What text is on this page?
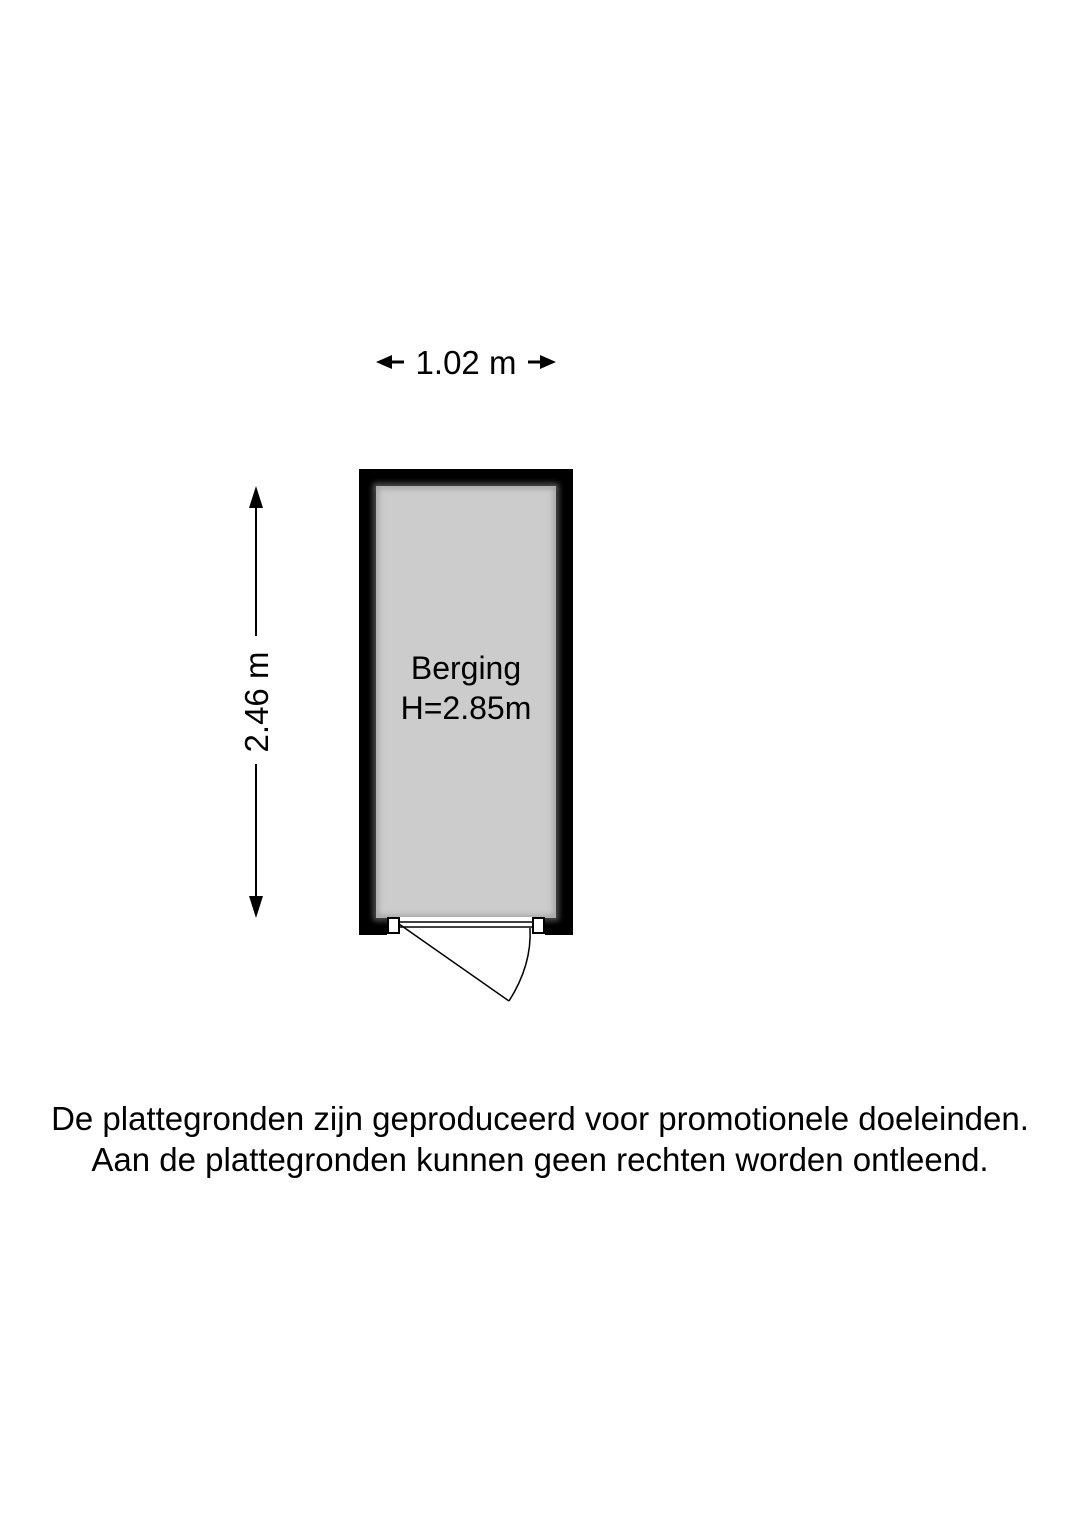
1.02 m
2.46 m	Berging
H=2.85m
De plattegronden zijn geproduceerd voor promotionele doeleinden.
Aan de plattegronden kunnen geen rechten worden ontleend.
